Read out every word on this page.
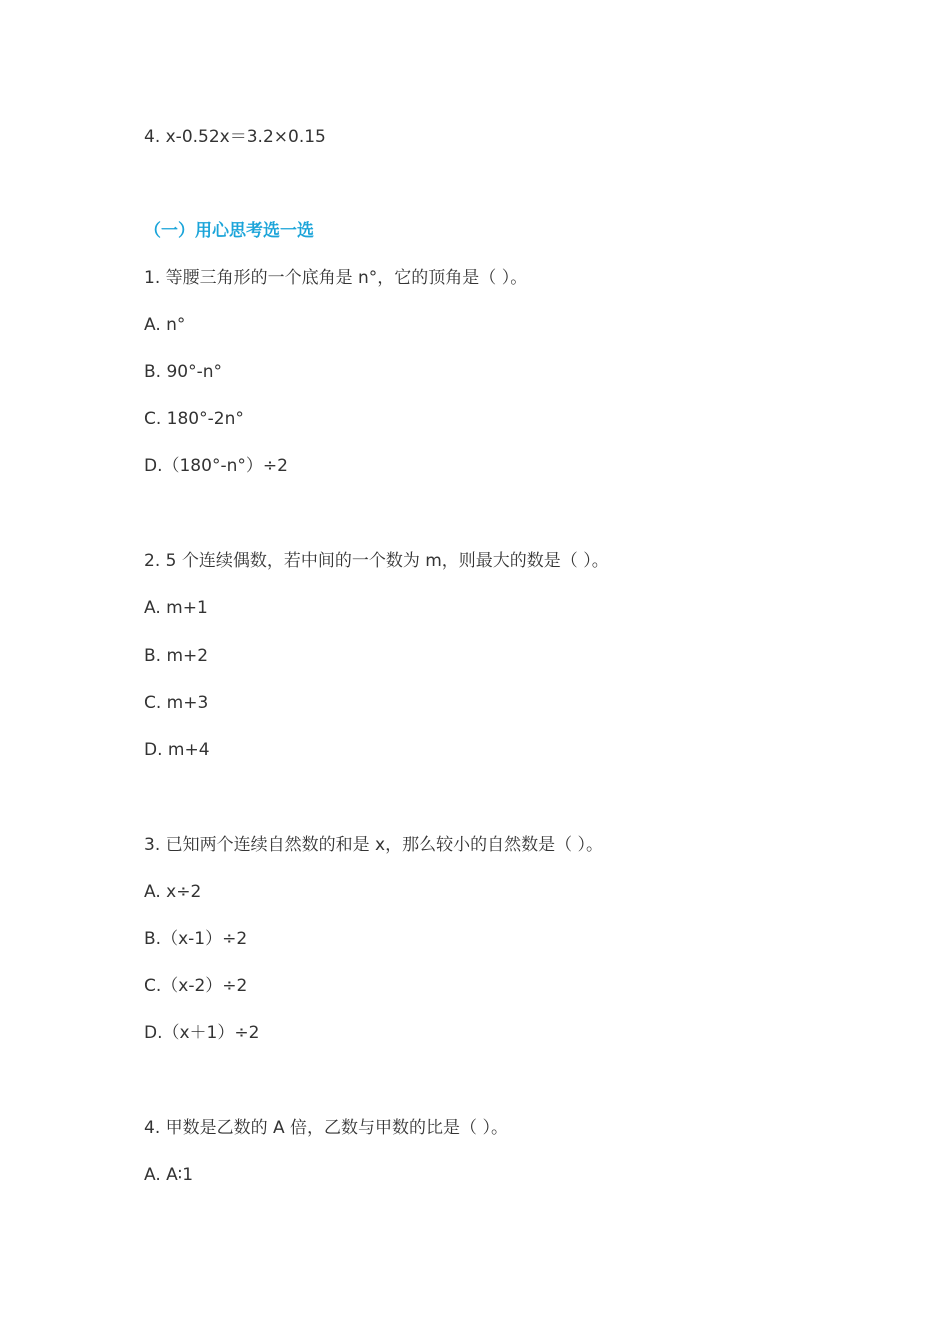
4. x-0.52x＝3.2×0.15
（一）用心思考选一选
1. 等腰三角形的一个底角是 n°，它的顶角是（ ）。
A. n°
B. 90°-n°
C. 180°-2n°
D.（180°-n°）÷2
2. 5 个连续偶数，若中间的一个数为 m，则最大的数是（ ）。
A. m+1
B. m+2
C. m+3
D. m+4
3. 已知两个连续自然数的和是 x，那么较小的自然数是（ ）。
A. x÷2
B.（x-1）÷2
C.（x-2）÷2
D.（x＋1）÷2
4. 甲数是乙数的 A 倍，乙数与甲数的比是（ ）。
A. A∶1
